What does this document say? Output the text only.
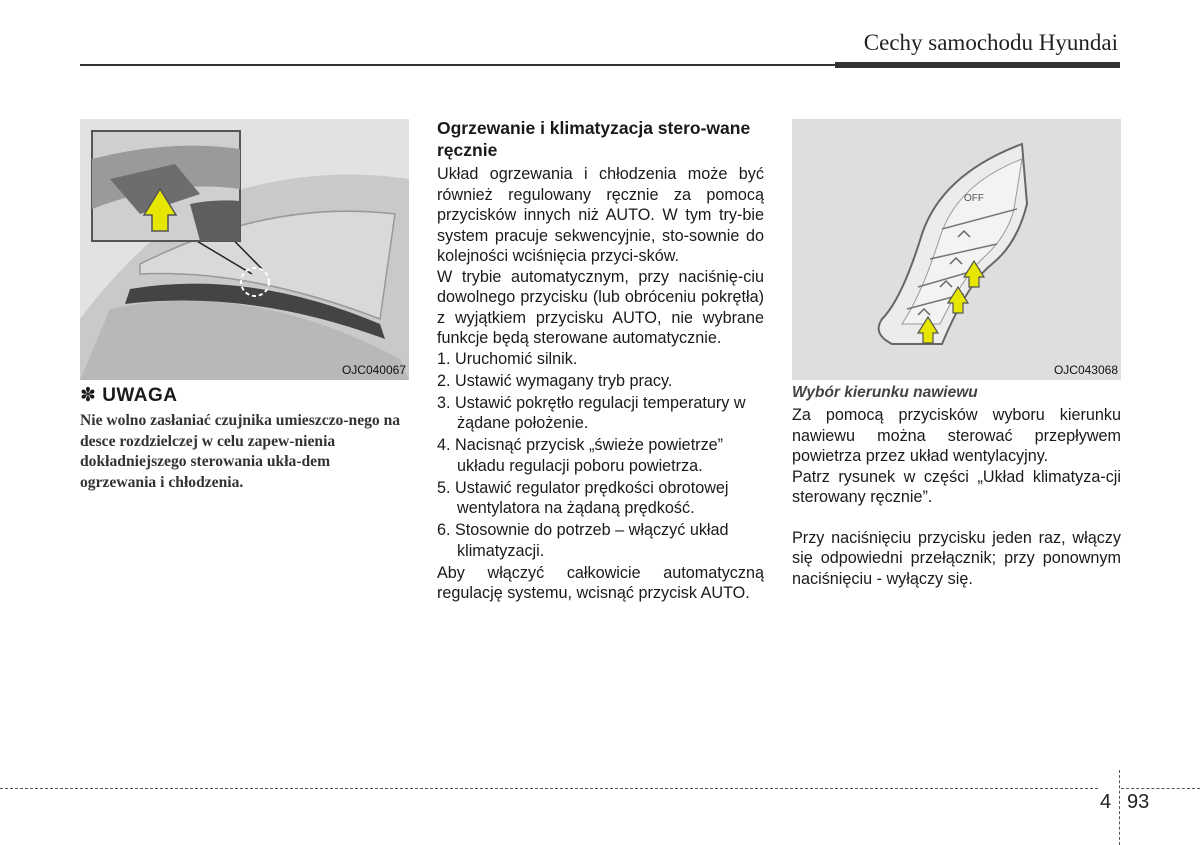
Cechy samochodu Hyundai
OJC040067
✽ UWAGA

Nie wolno zasłaniać czujnika umieszczo-nego na desce rozdzielczej w celu zapew-nienia dokładniejszego sterowania ukła-dem ogrzewania i chłodzenia.

Ogrzewanie i klimatyzacja stero-wane ręcznie

Układ ogrzewania i chłodzenia może być również regulowany ręcznie za pomocą przycisków innych niż AUTO. W tym try-bie system pracuje sekwencyjnie, sto-sownie do kolejności wciśnięcia przyci-sków.

W trybie automatycznym, przy naciśnię-ciu dowolnego przycisku (lub obróceniu pokrętła) z wyjątkiem przycisku AUTO, nie wybrane funkcje będą sterowane automatycznie.

1. Uruchomić silnik.
2. Ustawić wymagany tryb pracy.
3. Ustawić pokrętło regulacji temperatury w żądane położenie.
4. Nacisnąć przycisk „świeże powietrze” układu regulacji poboru powietrza.
5. Ustawić regulator prędkości obrotowej wentylatora na żądaną prędkość.
6. Stosownie do potrzeb – włączyć układ klimatyzacji.

Aby włączyć całkowicie automatyczną regulację systemu, wcisnąć przycisk AUTO.

OFF
OJC043068
Wybór kierunku nawiewu

Za pomocą przycisków wyboru kierunku nawiewu można sterować przepływem powietrza przez układ wentylacyjny.

Patrz rysunek w części „Układ klimatyza-cji sterowany ręcznie”.

Przy naciśnięciu przycisku jeden raz, włączy się odpowiedni przełącznik; przy ponownym naciśnięciu - wyłączy się.

4 93
